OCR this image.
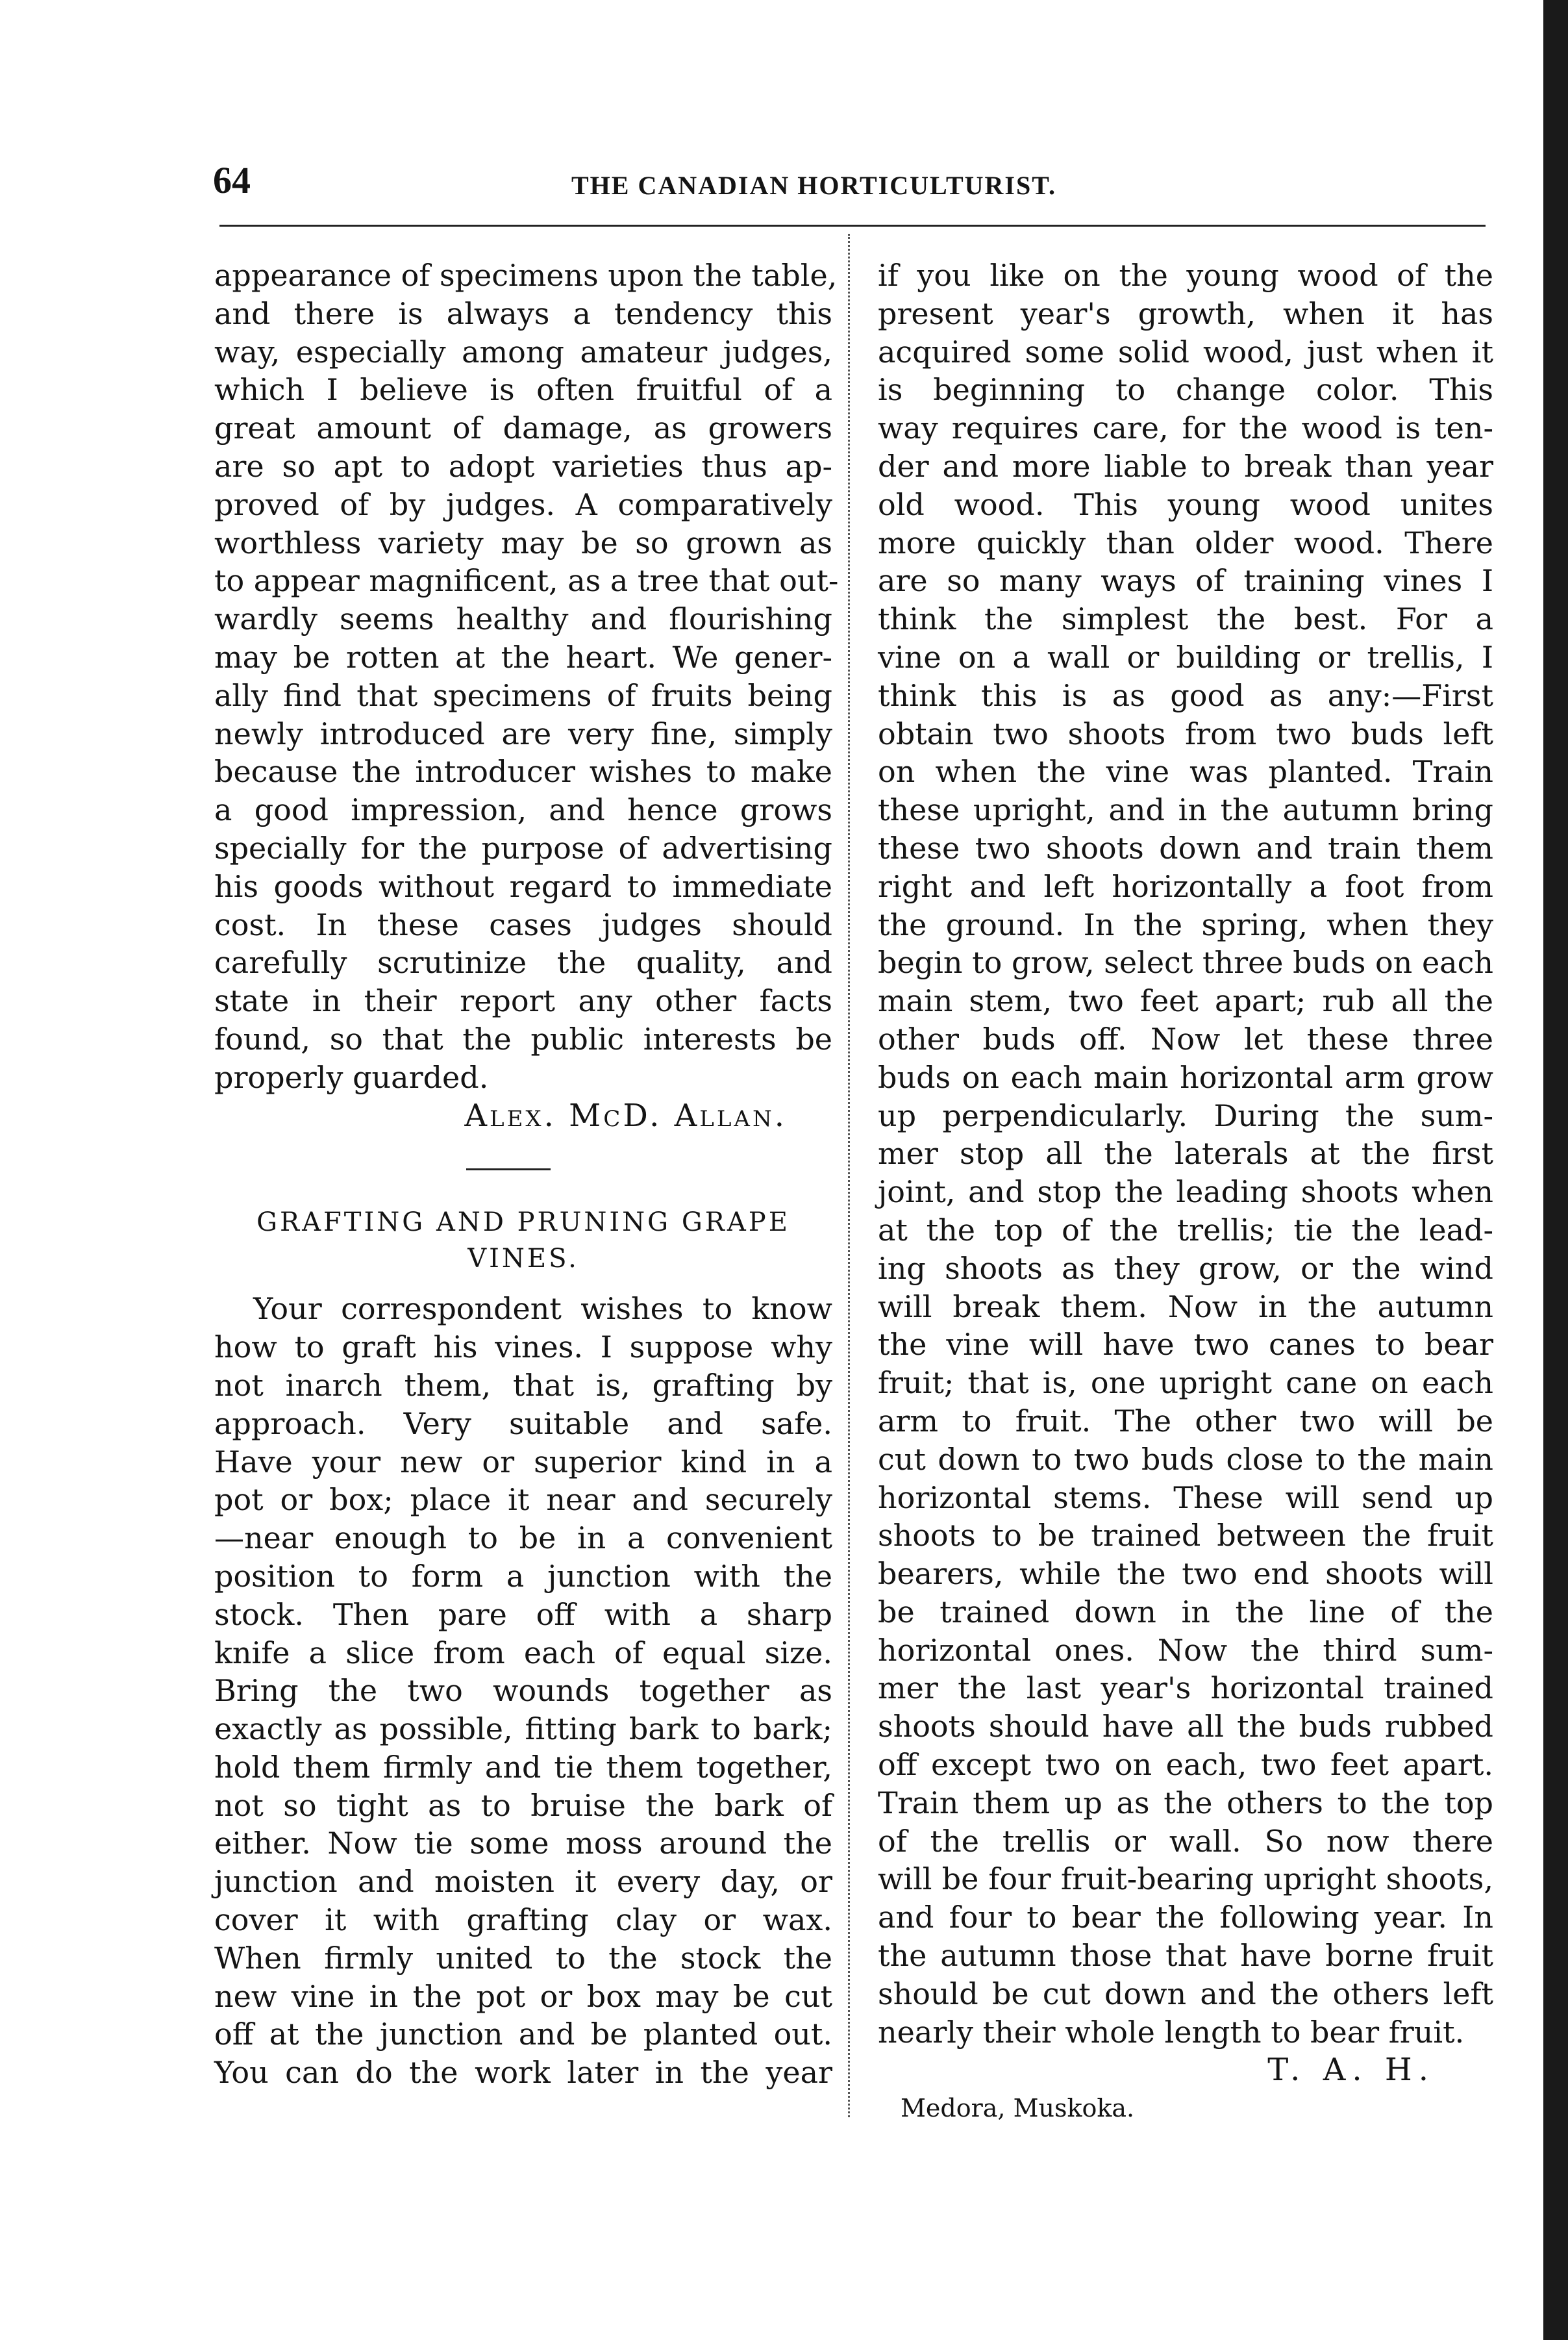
64	THE CANADIAN HORTICULTURIST.
appearance of specimens upon the table,
and there is always a tendency this
way, especially among amateur judges,
which I believe is often fruitful of a
great amount of damage, as growers
are so apt to adopt varieties thus ap-
proved of by judges. A comparatively
worthless variety may be so grown as
to appear magnificent, as a tree that out-
wardly seems healthy and flourishing
may be rotten at the heart. We gener-
ally find that specimens of fruits being
newly introduced are very fine, simply
because the introducer wishes to make
a good impression, and hence grows
specially for the purpose of advertising
his goods without regard to immediate
cost. In these cases judges should
carefully scrutinize the quality, and
state in their report any other facts
found, so that the public interests be
properly guarded.
Alex. McD. Allan.
GRAFTING AND PRUNING GRAPE
VINES.
Your correspondent wishes to know
how to graft his vines. I suppose why
not inarch them, that is, grafting by
approach. Very suitable and safe.
Have your new or superior kind in a
pot or box; place it near and securely
—near enough to be in a convenient
position to form a junction with the
stock. Then pare off with a sharp
knife a slice from each of equal size.
Bring the two wounds together as
exactly as possible, fitting bark to bark;
hold them firmly and tie them together,
not so tight as to bruise the bark of
either. Now tie some moss around the
junction and moisten it every day, or
cover it with grafting clay or wax.
When firmly united to the stock the
new vine in the pot or box may be cut
off at the junction and be planted out.
You can do the work later in the year
if you like on the young wood of the
present year's growth, when it has
acquired some solid wood, just when it
is beginning to change color. This
way requires care, for the wood is ten-
der and more liable to break than year
old wood. This young wood unites
more quickly than older wood. There
are so many ways of training vines I
think the simplest the best. For a
vine on a wall or building or trellis, I
think this is as good as any:—First
obtain two shoots from two buds left
on when the vine was planted. Train
these upright, and in the autumn bring
these two shoots down and train them
right and left horizontally a foot from
the ground. In the spring, when they
begin to grow, select three buds on each
main stem, two feet apart; rub all the
other buds off. Now let these three
buds on each main horizontal arm grow
up perpendicularly. During the sum-
mer stop all the laterals at the first
joint, and stop the leading shoots when
at the top of the trellis; tie the lead-
ing shoots as they grow, or the wind
will break them. Now in the autumn
the vine will have two canes to bear
fruit; that is, one upright cane on each
arm to fruit. The other two will be
cut down to two buds close to the main
horizontal stems. These will send up
shoots to be trained between the fruit
bearers, while the two end shoots will
be trained down in the line of the
horizontal ones. Now the third sum-
mer the last year's horizontal trained
shoots should have all the buds rubbed
off except two on each, two feet apart.
Train them up as the others to the top
of the trellis or wall. So now there
will be four fruit-bearing upright shoots,
and four to bear the following year. In
the autumn those that have borne fruit
should be cut down and the others left
nearly their whole length to bear fruit.
T. A. H.
Medora, Muskoka.
